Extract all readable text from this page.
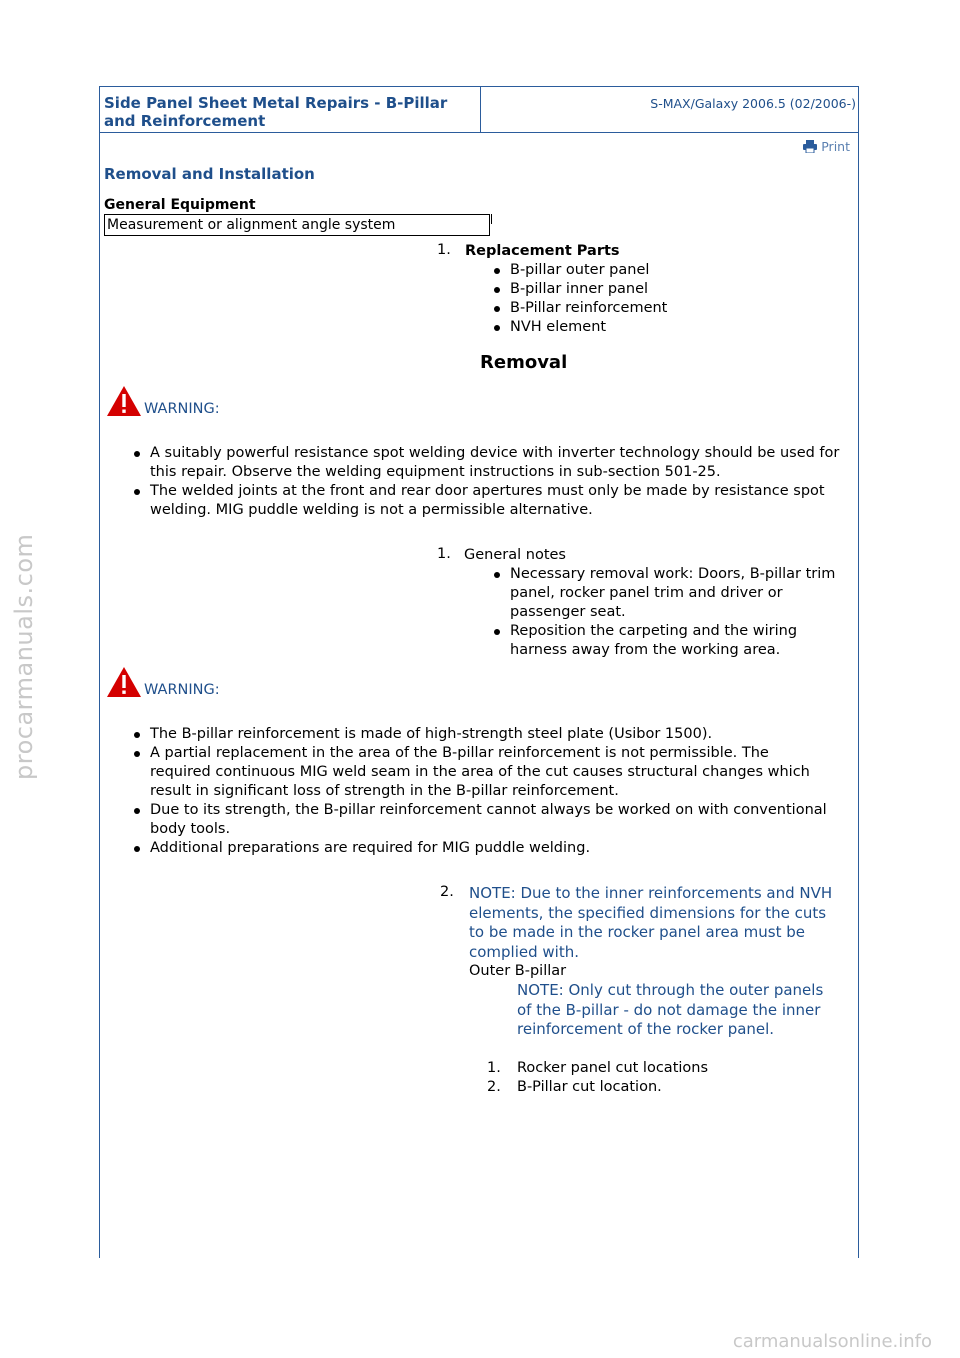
Side Panel Sheet Metal Repairs - B-Pillar and Reinforcement
S-MAX/Galaxy 2006.5 (02/2006-)
Print
Removal and Installation
General Equipment
Measurement or alignment angle system
1. Replacement Parts
B-pillar outer panel
B-pillar inner panel
B-Pillar reinforcement
NVH element
Removal
WARNING:
A suitably powerful resistance spot welding device with inverter technology should be used for this repair. Observe the welding equipment instructions in sub-section 501-25.
The welded joints at the front and rear door apertures must only be made by resistance spot welding. MIG puddle welding is not a permissible alternative.
1. General notes
Necessary removal work: Doors, B-pillar trim panel, rocker panel trim and driver or passenger seat.
Reposition the carpeting and the wiring harness away from the working area.
WARNING:
The B-pillar reinforcement is made of high-strength steel plate (Usibor 1500).
A partial replacement in the area of the B-pillar reinforcement is not permissible. The required continuous MIG weld seam in the area of the cut causes structural changes which result in significant loss of strength in the B-pillar reinforcement.
Due to its strength, the B-pillar reinforcement cannot always be worked on with conventional body tools.
Additional preparations are required for MIG puddle welding.
2. NOTE: Due to the inner reinforcements and NVH elements, the specified dimensions for the cuts to be made in the rocker panel area must be complied with.
Outer B-pillar
NOTE: Only cut through the outer panels of the B-pillar - do not damage the inner reinforcement of the rocker panel.
1. Rocker panel cut locations
2. B-Pillar cut location.
procarmanuals.com
carmanualsonline.info
